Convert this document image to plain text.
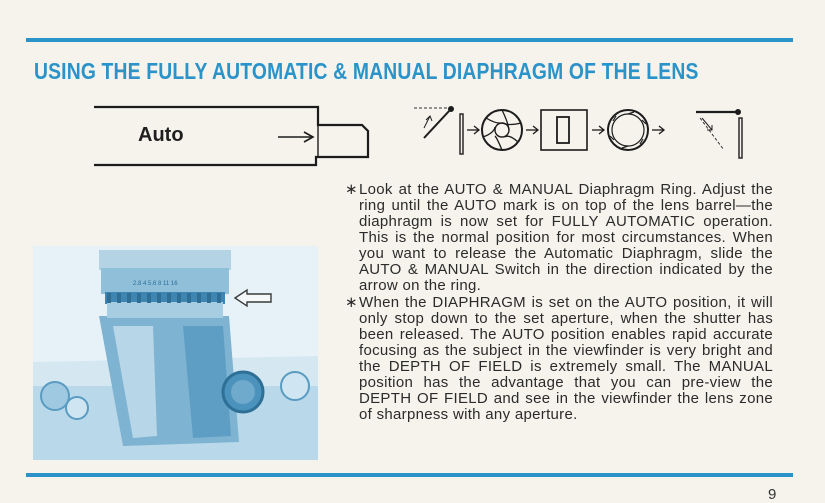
USING THE FULLY AUTOMATIC & MANUAL DIAPHRAGM OF THE LENS
Auto
2.8 4 5.6 8 11 16

∗ Look at the AUTO & MANUAL Diaphragm Ring. Adjust the ring until the AUTO mark is on top of the lens barrel—the diaphragm is now set for FULLY AUTOMATIC operation. This is the normal position for most circumstances. When you want to release the Automatic Diaphragm, slide the AUTO & MANUAL Switch in the direction indicated by the arrow on the ring.

∗ When the DIAPHRAGM is set on the AUTO position, it will only stop down to the set aperture, when the shutter has been released. The AUTO position enables rapid accurate focusing as the subject in the viewfinder is very bright and the DEPTH OF FIELD is extremely small. The MANUAL position has the advantage that you can pre-view the DEPTH OF FIELD and see in the viewfinder the lens zone of sharpness with any aperture.

9
